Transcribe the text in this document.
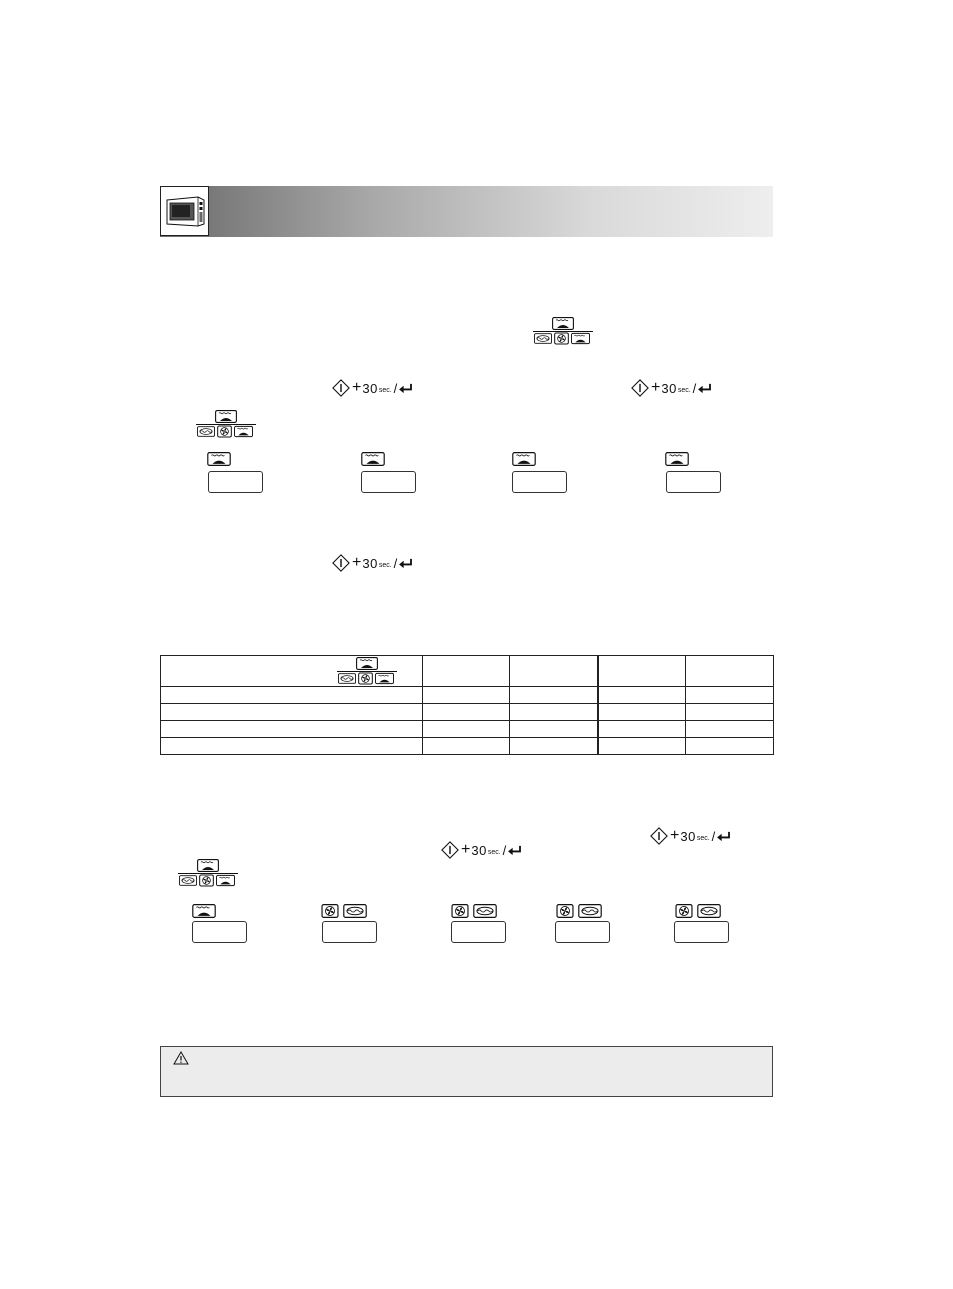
+ 30 sec. /	+ 30 sec. /
+ 30 sec. /

+ 30 sec. /
+ 30 sec. /
